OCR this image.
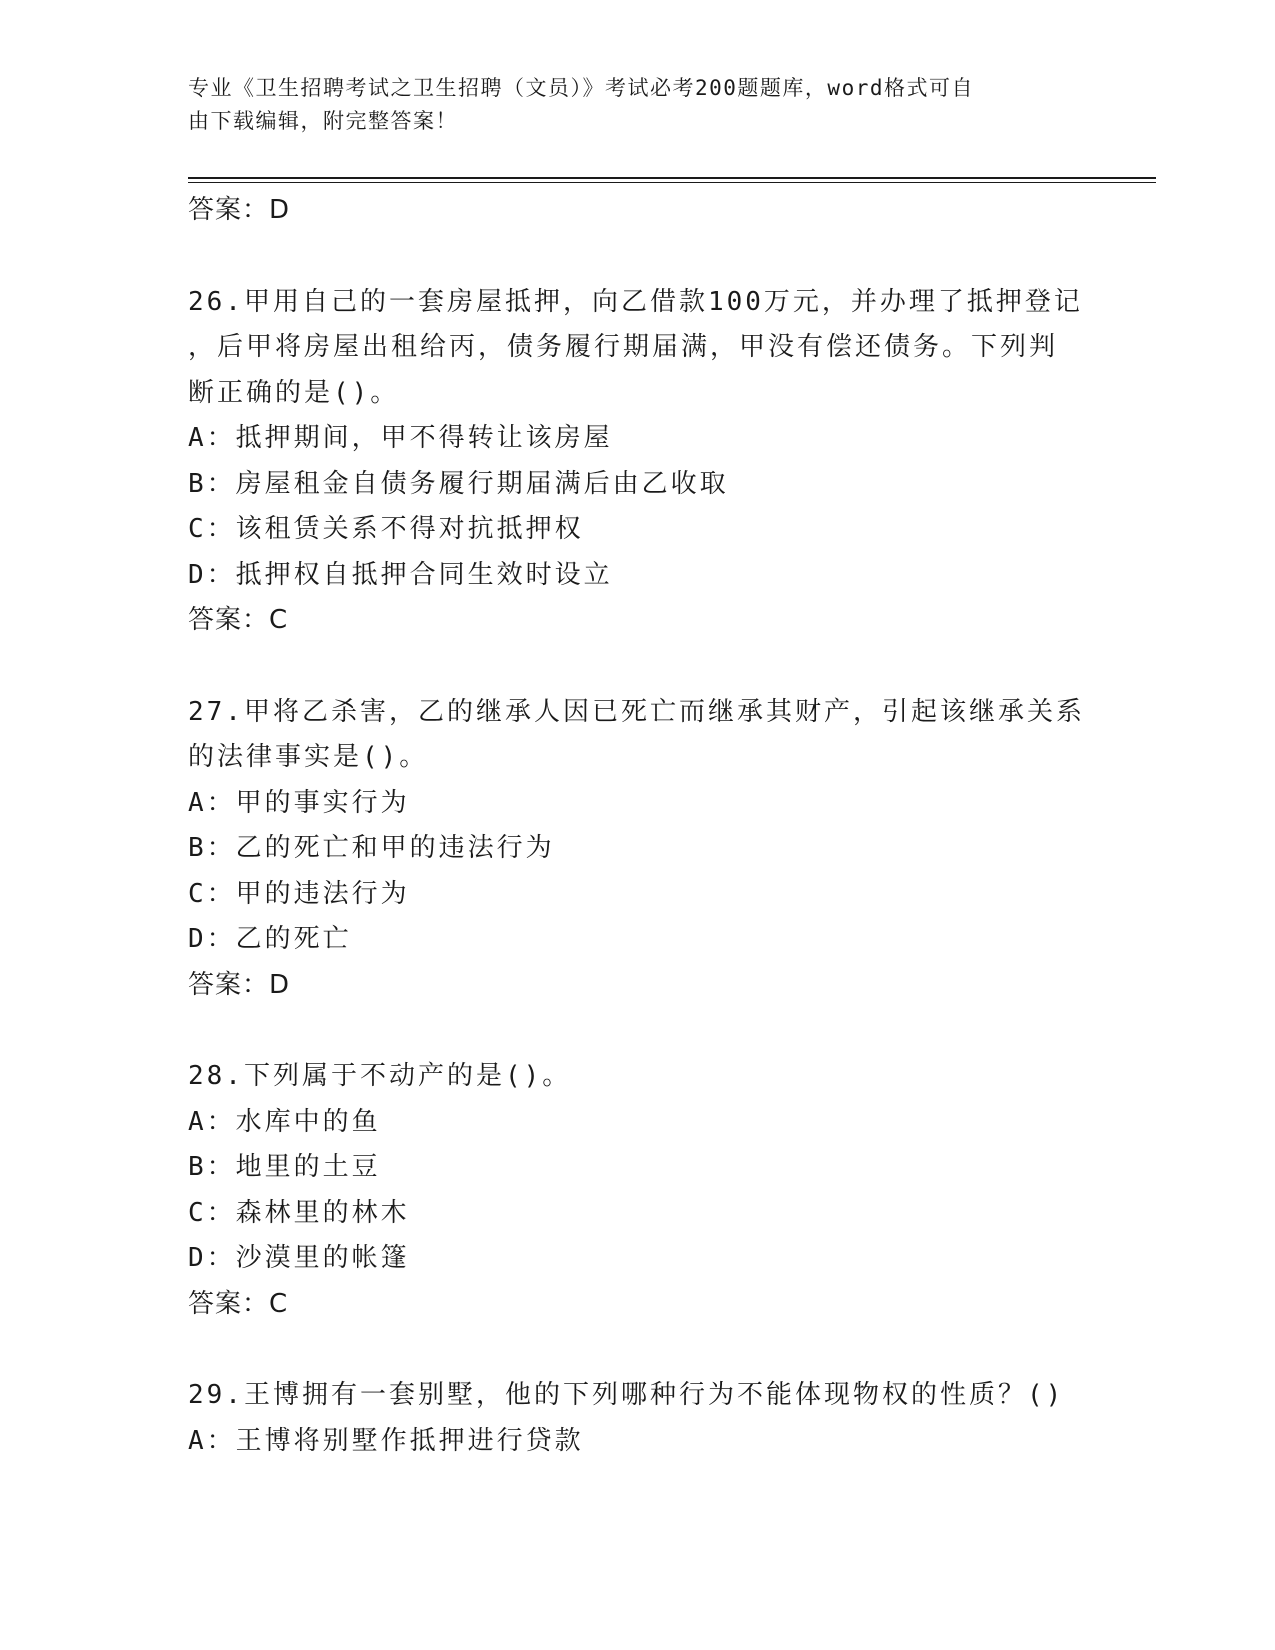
专业《卫生招聘考试之卫生招聘（文员）》考试必考200题题库，word格式可自
由下载编辑，附完整答案！
答案：D
26.甲用自己的一套房屋抵押，向乙借款100万元，并办理了抵押登记
，后甲将房屋出租给丙，债务履行期届满，甲没有偿还债务。下列判
断正确的是()。
A：抵押期间，甲不得转让该房屋
B：房屋租金自债务履行期届满后由乙收取
C：该租赁关系不得对抗抵押权
D：抵押权自抵押合同生效时设立
答案：C
27.甲将乙杀害，乙的继承人因已死亡而继承其财产，引起该继承关系
的法律事实是()。
A：甲的事实行为
B：乙的死亡和甲的违法行为
C：甲的违法行为
D：乙的死亡
答案：D
28.下列属于不动产的是()。
A：水库中的鱼
B：地里的土豆
C：森林里的林木
D：沙漠里的帐篷
答案：C
29.王博拥有一套别墅，他的下列哪种行为不能体现物权的性质？()
A：王博将别墅作抵押进行贷款
